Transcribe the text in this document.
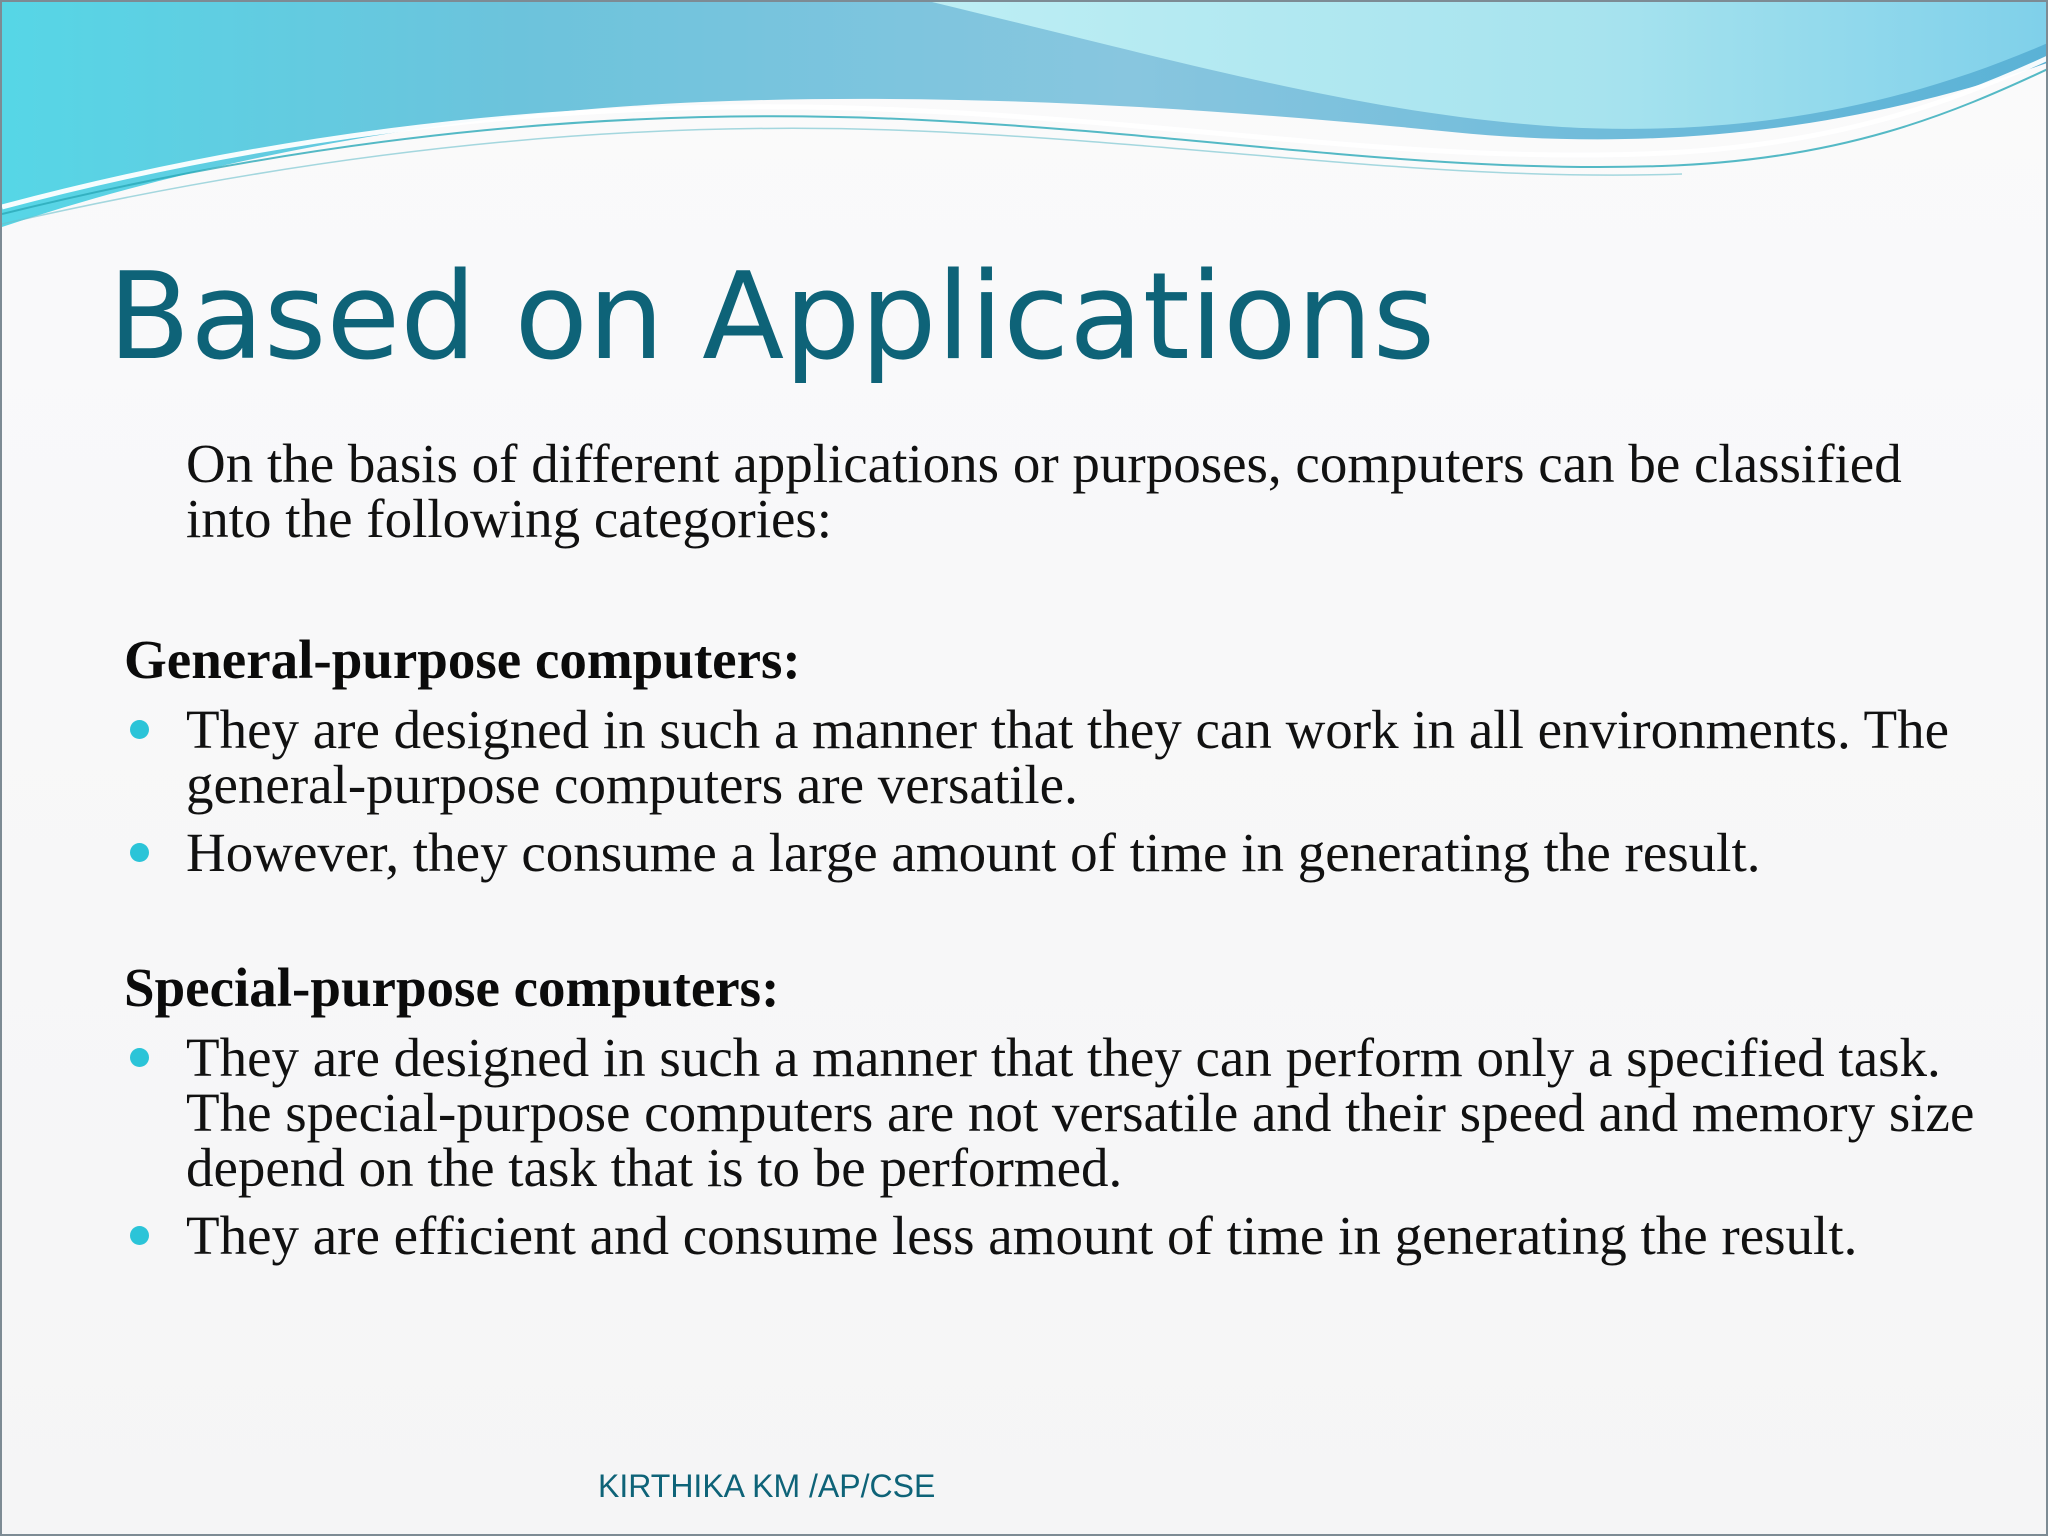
Based on Applications
On the basis of different applications or purposes, computers can be classified into the following categories:
General-purpose computers:
They are designed in such a manner that they can work in all environments. The general-purpose computers are versatile.
However, they consume a large amount of time in generating the result.
Special-purpose computers:
They are designed in such a manner that they can perform only a specified task. The special-purpose computers are not versatile and their speed and memory size depend on the task that is to be performed.
They are efficient and consume less amount of time in generating the result.
KIRTHIKA KM /AP/CSE
